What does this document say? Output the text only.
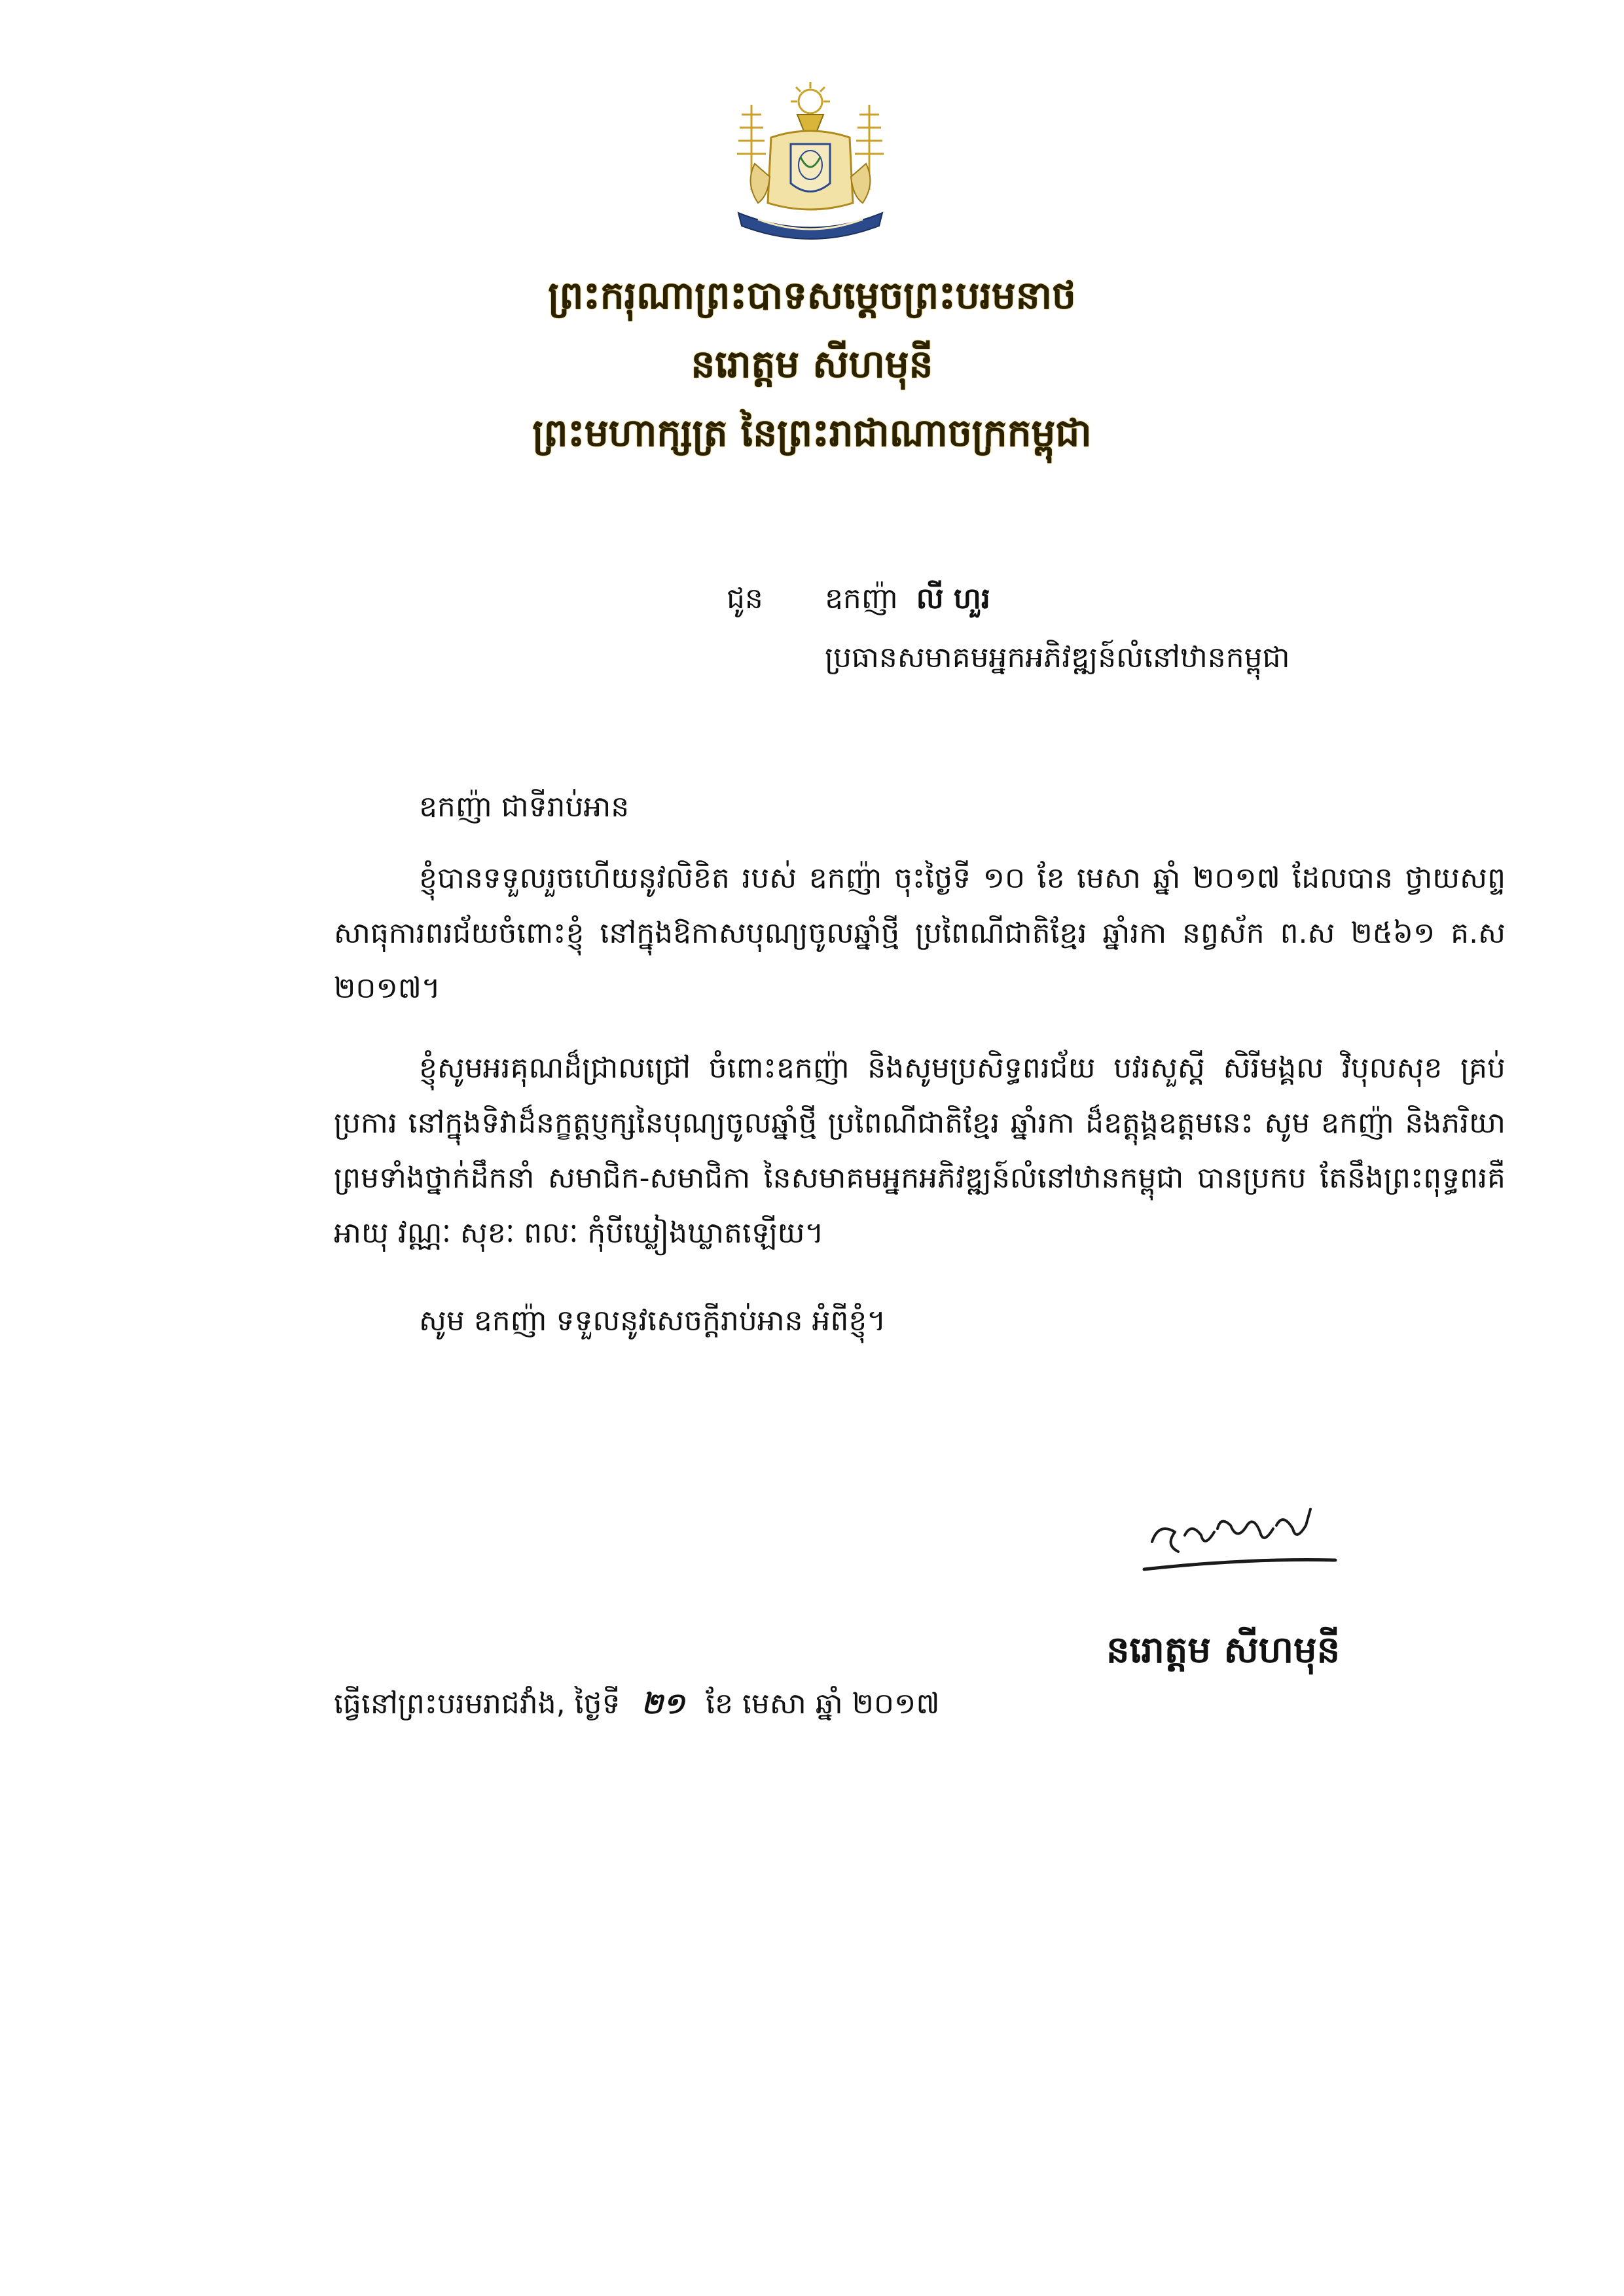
ព្រះករុណាព្រះបាទសម្តេចព្រះបរមនាថ
នរោត្តម សីហមុនី
ព្រះមហាក្សត្រ នៃព្រះរាជាណាចក្រកម្ពុជា
ជូន	ឧកញ៉ា លី ហួរ
ប្រធានសមាគមអ្នកអភិវឌ្ឍន៍លំនៅឋានកម្ពុជា
ឧកញ៉ា ជាទីរាប់អាន
ខ្ញុំបានទទួលរួចហើយនូវលិខិត របស់ ឧកញ៉ា ចុះថ្ងៃទី ១០ ខែ មេសា ឆ្នាំ ២០១៧ ដែលបាន ថ្វាយសព្ទសាធុការពរជ័យចំពោះខ្ញុំ នៅក្នុងឱកាសបុណ្យចូលឆ្នាំថ្មី ប្រពៃណីជាតិខ្មែរ ឆ្នាំរកា នព្វស័ក ព.ស ២៥៦១ គ.ស ២០១៧។
ខ្ញុំសូមអរគុណដ៏ជ្រាលជ្រៅ ចំពោះឧកញ៉ា និងសូមប្រសិទ្ធពរជ័យ បវរសួស្តី សិរីមង្គល វិបុលសុខ គ្រប់ប្រការ នៅក្នុងទិវាដ៏នក្ខត្តប្ញក្សនៃបុណ្យចូលឆ្នាំថ្មី ប្រពៃណីជាតិខ្មែរ ឆ្នាំរកា ដ៏ឧត្តុង្គឧត្តមនេះ សូម ឧកញ៉ា និងភរិយា ព្រមទាំងថ្នាក់ដឹកនាំ សមាជិក-សមាជិកា នៃសមាគមអ្នកអភិវឌ្ឍន៍លំនៅឋានកម្ពុជា បានប្រកប តែនឹងព្រះពុទ្ធពរគឺ អាយុ វណ្ណៈ សុខៈ ពលៈ កុំបីឃ្លៀងឃ្លាតឡើយ។
សូម ឧកញ៉ា ទទួលនូវសេចក្តីរាប់អាន អំពីខ្ញុំ។
នរោត្តម សីហមុនី
ធ្វើនៅព្រះបរមរាជវាំង, ថ្ងៃទី ២១ ខែ មេសា ឆ្នាំ ២០១៧
